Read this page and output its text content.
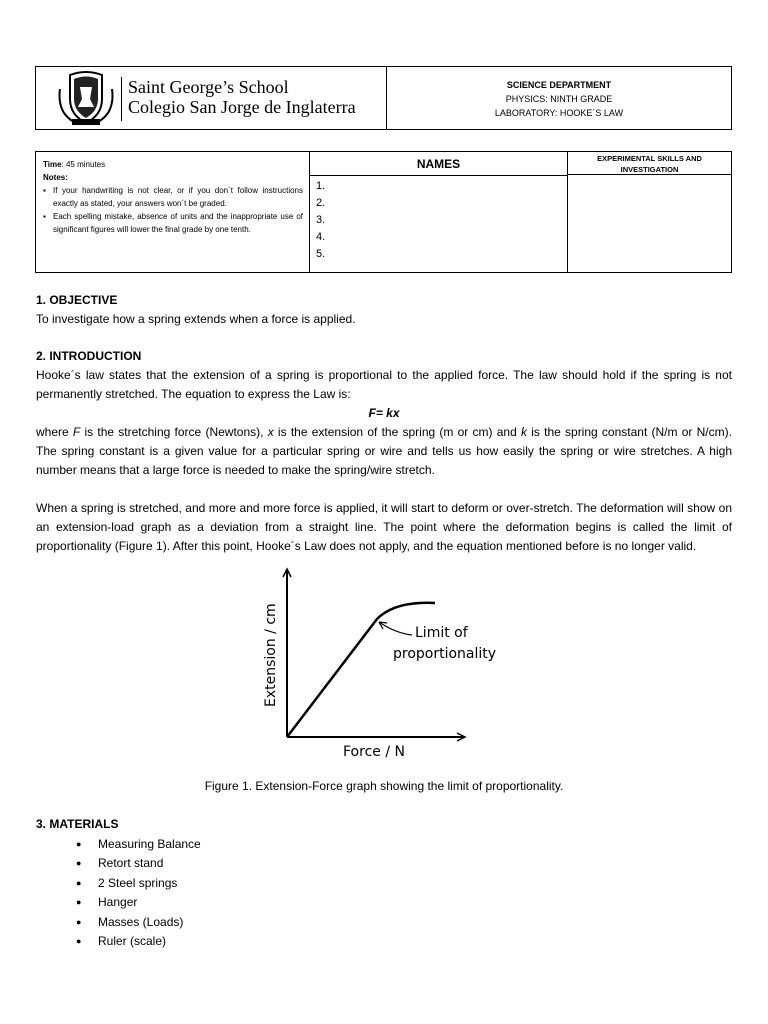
Saint George’s School
Colegio San Jorge de Inglaterra
SCIENCE DEPARTMENT
PHYSICS: NINTH GRADE
LABORATORY: HOOKE´S LAW
Time: 45 minutes
Notes:
▪ If your handwriting is not clear, or if you don´t follow instructions exactly as stated, your answers won´t be graded.
▪ Each spelling mistake, absence of units and the inappropriate use of significant figures will lower the final grade by one tenth.
NAMES
1.
2.
3.
4.
5.
EXPERIMENTAL SKILLS AND INVESTIGATION
1. OBJECTIVE

To investigate how a spring extends when a force is applied.

2. INTRODUCTION

Hooke´s law states that the extension of a spring is proportional to the applied force. The law should hold if the spring is not permanently stretched. The equation to express the Law is:

F= kx

where F is the stretching force (Newtons), x is the extension of the spring (m or cm) and k is the spring constant (N/m or N/cm). The spring constant is a given value for a particular spring or wire and tells us how easily the spring or wire stretches. A high number means that a large force is needed to make the spring/wire stretch.

When a spring is stretched, and more and more force is applied, it will start to deform or over-stretch. The deformation will show on an extension-load graph as a deviation from a straight line. The point where the deformation begins is called the limit of proportionality (Figure 1). After this point, Hooke´s Law does not apply, and the equation mentioned before is no longer valid.

Limit of
proportionality
Extension / cm
Force / N
Figure 1. Extension-Force graph showing the limit of proportionality.
3. MATERIALS
● Measuring Balance
● Retort stand
● 2 Steel springs
● Hanger
● Masses (Loads)
● Ruler (scale)
